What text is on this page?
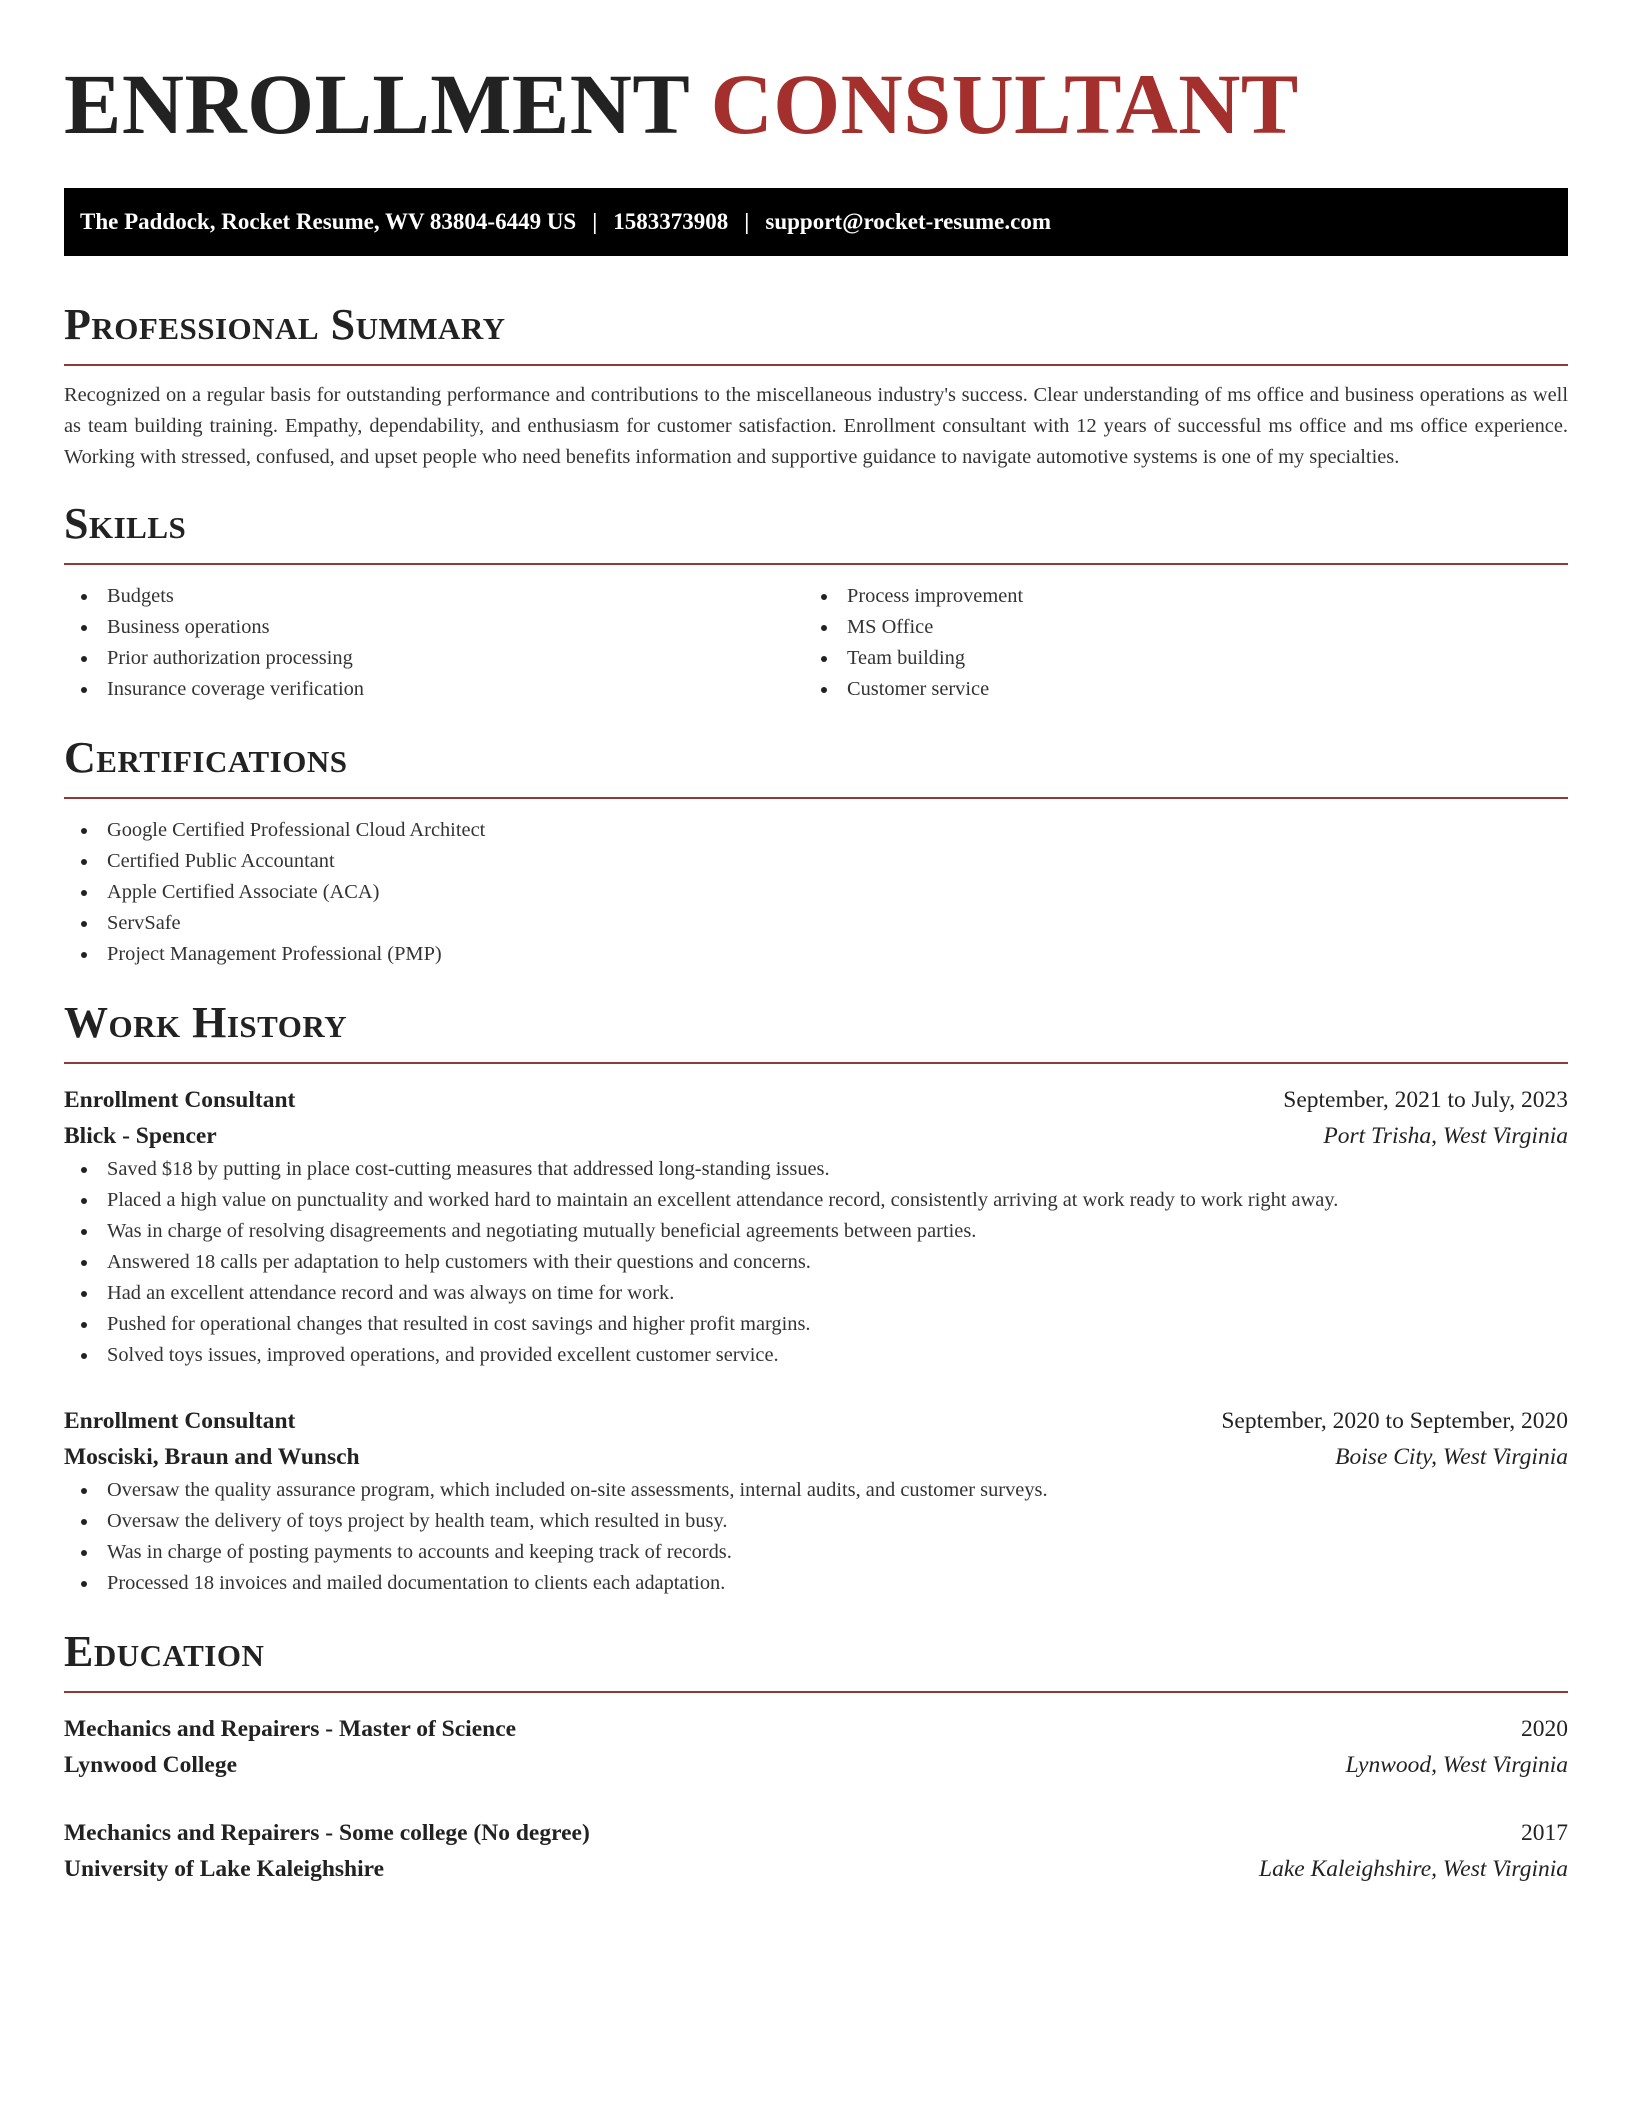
ENROLLMENT CONSULTANT
The Paddock, Rocket Resume, WV 83804-6449 US | 1583373908 | support@rocket-resume.com
Professional Summary

Recognized on a regular basis for outstanding performance and contributions to the miscellaneous industry's success. Clear understanding of ms office and business operations as well as team building training. Empathy, dependability, and enthusiasm for customer satisfaction. Enrollment consultant with 12 years of successful ms office and ms office experience. Working with stressed, confused, and upset people who need benefits information and supportive guidance to navigate automotive systems is one of my specialties.

Skills
Budgets
Business operations
Prior authorization processing
Insurance coverage verification
Process improvement
MS Office
Team building
Customer service
Certifications
Google Certified Professional Cloud Architect
Certified Public Accountant
Apple Certified Associate (ACA)
ServSafe
Project Management Professional (PMP)
Work History
Enrollment Consultant	September, 2021 to July, 2023
Blick - Spencer	Port Trisha, West Virginia
Saved $18 by putting in place cost-cutting measures that addressed long-standing issues.
Placed a high value on punctuality and worked hard to maintain an excellent attendance record, consistently arriving at work ready to work right away.
Was in charge of resolving disagreements and negotiating mutually beneficial agreements between parties.
Answered 18 calls per adaptation to help customers with their questions and concerns.
Had an excellent attendance record and was always on time for work.
Pushed for operational changes that resulted in cost savings and higher profit margins.
Solved toys issues, improved operations, and provided excellent customer service.
Enrollment Consultant	September, 2020 to September, 2020
Mosciski, Braun and Wunsch	Boise City, West Virginia
Oversaw the quality assurance program, which included on-site assessments, internal audits, and customer surveys.
Oversaw the delivery of toys project by health team, which resulted in busy.
Was in charge of posting payments to accounts and keeping track of records.
Processed 18 invoices and mailed documentation to clients each adaptation.
Education
Mechanics and Repairers - Master of Science	2020
Lynwood College	Lynwood, West Virginia
Mechanics and Repairers - Some college (No degree)	2017
University of Lake Kaleighshire	Lake Kaleighshire, West Virginia
